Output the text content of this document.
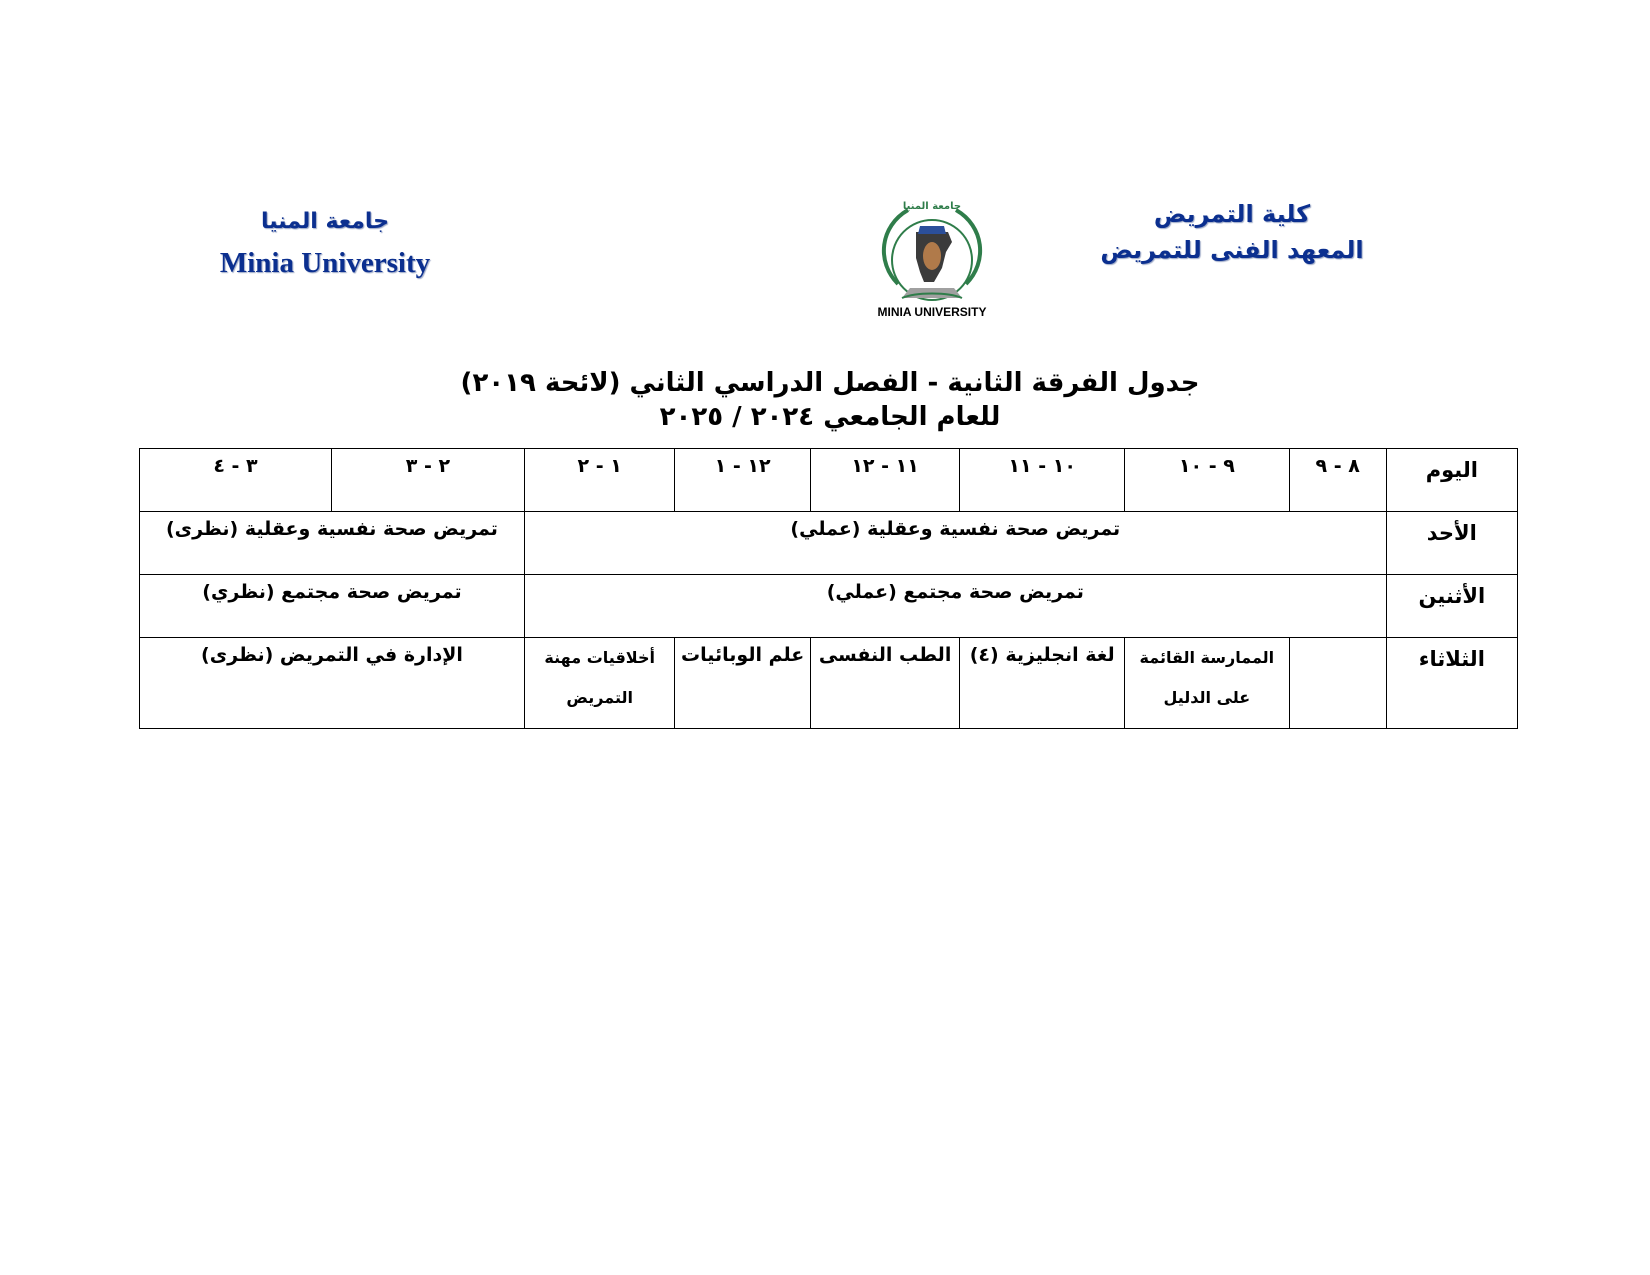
كلية التمريض
المعهد الفنى للتمريض
جامعة المنيا
MINIA UNIVERSITY
جامعة المنيا
Minia University
جدول الفرقة الثانية - الفصل الدراسي الثاني (لائحة ٢٠١٩)
للعام الجامعي ٢٠٢٤ / ٢٠٢٥
اليوم	٨ - ٩	٩ - ١٠	١٠ - ١١	١١ - ١٢	١٢ - ١	١ - ٢	٢ - ٣	٣ - ٤
الأحد	تمريض صحة نفسية وعقلية (عملي)						تمريض صحة نفسية وعقلية (نظرى)	
الأثنين	تمريض صحة مجتمع (عملي)						تمريض صحة مجتمع (نظري)	
الثلاثاء		الممارسة القائمة على الدليل	لغة انجليزية (٤)	الطب النفسى	علم الوبائيات	أخلاقيات مهنة التمريض	الإدارة في التمريض (نظرى)	
